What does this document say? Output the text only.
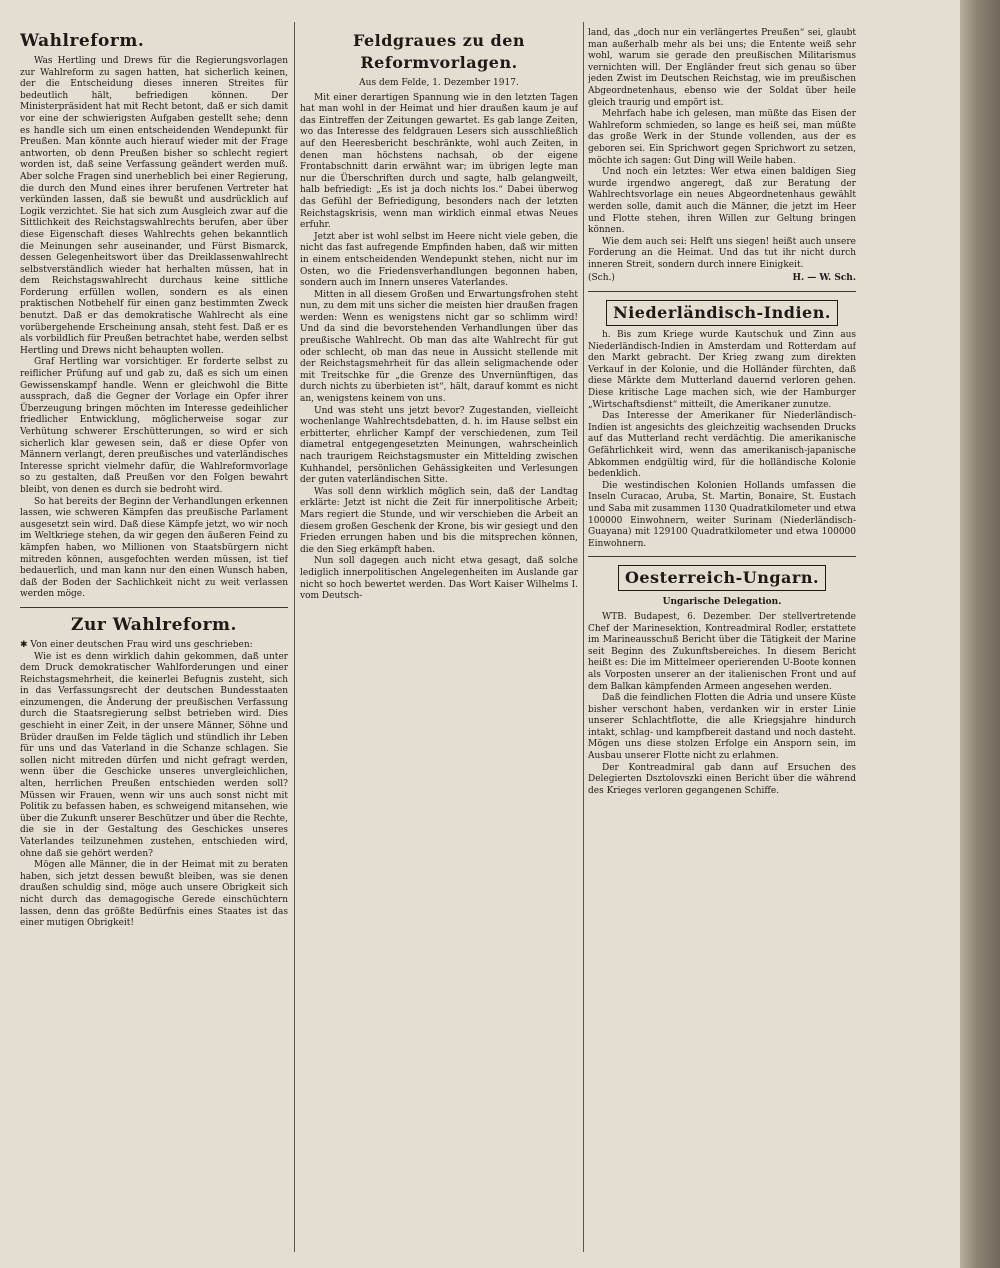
Wahlreform.

Was Hertling und Drews für die Regierungsvorlagen zur Wahlreform zu sagen hatten, hat sicherlich keinen, der die Entscheidung dieses inneren Streites für bedeutlich hält, befriedigen können. Der Ministerpräsident hat mit Recht betont, daß er sich damit vor eine der schwierigsten Aufgaben gestellt sehe; denn es handle sich um einen entscheidenden Wendepunkt für Preußen. Man könnte auch hierauf wieder mit der Frage antworten, ob denn Preußen bisher so schlecht regiert worden ist, daß seine Verfassung geändert werden muß. Aber solche Fragen sind unerheblich bei einer Regierung, die durch den Mund eines ihrer berufenen Vertreter hat verkünden lassen, daß sie bewußt und ausdrücklich auf Logik verzichtet. Sie hat sich zum Ausgleich zwar auf die Sittlichkeit des Reichstagswahlrechts berufen, aber über diese Eigenschaft dieses Wahlrechts gehen bekanntlich die Meinungen sehr auseinander, und Fürst Bismarck, dessen Gelegenheitswort über das Dreiklassenwahlrecht selbstverständlich wieder hat herhalten müssen, hat in dem Reichstagswahlrecht durchaus keine sittliche Forderung erfüllen wollen, sondern es als einen praktischen Notbehelf für einen ganz bestimmten Zweck benutzt. Daß er das demokratische Wahlrecht als eine vorübergehende Erscheinung ansah, steht fest. Daß er es als vorbildlich für Preußen betrachtet habe, werden selbst Hertling und Drews nicht behaupten wollen.

Graf Hertling war vorsichtiger. Er forderte selbst zu reiflicher Prüfung auf und gab zu, daß es sich um einen Gewissenskampf handle. Wenn er gleichwohl die Bitte aussprach, daß die Gegner der Vorlage ein Opfer ihrer Überzeugung bringen möchten im Interesse gedeihlicher friedlicher Entwicklung, möglicherweise sogar zur Verhütung schwerer Erschütterungen, so wird er sich sicherlich klar gewesen sein, daß er diese Opfer von Männern verlangt, deren preußisches und vaterländisches Interesse spricht vielmehr dafür, die Wahlreformvorlage so zu gestalten, daß Preußen vor den Folgen bewahrt bleibt, von denen es durch sie bedroht wird.

So hat bereits der Beginn der Verhandlungen erkennen lassen, wie schweren Kämpfen das preußische Parlament ausgesetzt sein wird. Daß diese Kämpfe jetzt, wo wir noch im Weltkriege stehen, da wir gegen den äußeren Feind zu kämpfen haben, wo Millionen von Staatsbürgern nicht mitreden können, ausgefochten werden müssen, ist tief bedauerlich, und man kann nur den einen Wunsch haben, daß der Boden der Sachlichkeit nicht zu weit verlassen werden möge.

Zur Wahlreform.

✱ Von einer deutschen Frau wird uns geschrieben:

Wie ist es denn wirklich dahin gekommen, daß unter dem Druck demokratischer Wahlforderungen und einer Reichstagsmehrheit, die keinerlei Befugnis zusteht, sich in das Verfassungsrecht der deutschen Bundesstaaten einzumengen, die Änderung der preußischen Verfassung durch die Staatsregierung selbst betrieben wird. Dies geschieht in einer Zeit, in der unsere Männer, Söhne und Brüder draußen im Felde täglich und stündlich ihr Leben für uns und das Vaterland in die Schanze schlagen. Sie sollen nicht mitreden dürfen und nicht gefragt werden, wenn über die Geschicke unseres unvergleichlichen, alten, herrlichen Preußen entschieden werden soll? Müssen wir Frauen, wenn wir uns auch sonst nicht mit Politik zu befassen haben, es schweigend mitansehen, wie über die Zukunft unserer Beschützer und über die Rechte, die sie in der Gestaltung des Geschickes unseres Vaterlandes teilzunehmen zustehen, entschieden wird, ohne daß sie gehört werden?

Mögen alle Männer, die in der Heimat mit zu beraten haben, sich jetzt dessen bewußt bleiben, was sie denen draußen schuldig sind, möge auch unsere Obrigkeit sich nicht durch das demagogische Gerede einschüchtern lassen, denn das größte Bedürfnis eines Staates ist das einer mutigen Obrigkeit!

Feldgraues zu den Reformvorlagen.
Aus dem Felde, 1. Dezember 1917.

Mit einer derartigen Spannung wie in den letzten Tagen hat man wohl in der Heimat und hier draußen kaum je auf das Eintreffen der Zeitungen gewartet. Es gab lange Zeiten, wo das Interesse des feldgrauen Lesers sich ausschließlich auf den Heeresbericht beschränkte, wohl auch Zeiten, in denen man höchstens nachsah, ob der eigene Frontabschnitt darin erwähnt war; im übrigen legte man nur die Überschriften durch und sagte, halb gelangweilt, halb befriedigt: „Es ist ja doch nichts los.“ Dabei überwog das Gefühl der Befriedigung, besonders nach der letzten Reichstagskrisis, wenn man wirklich einmal etwas Neues erfuhr.

Jetzt aber ist wohl selbst im Heere nicht viele geben, die nicht das fast aufregende Empfinden haben, daß wir mitten in einem entscheidenden Wendepunkt stehen, nicht nur im Osten, wo die Friedensverhandlungen begonnen haben, sondern auch im Innern unseres Vaterlandes.

Mitten in all diesem Großen und Erwartungsfrohen steht nun, zu dem mit uns sicher die meisten hier draußen fragen werden: Wenn es wenigstens nicht gar so schlimm wird! Und da sind die bevorstehenden Verhandlungen über das preußische Wahlrecht. Ob man das alte Wahlrecht für gut oder schlecht, ob man das neue in Aussicht stellende mit der Reichstagsmehrheit für das allein seligmachende oder mit Treitschke für „die Grenze des Unvernünftigen, das durch nichts zu überbieten ist“, hält, darauf kommt es nicht an, wenigstens keinem von uns.

Und was steht uns jetzt bevor? Zugestanden, vielleicht wochenlange Wahlrechtsdebatten, d. h. im Hause selbst ein erbitterter, ehrlicher Kampf der verschiedenen, zum Teil diametral entgegengesetzten Meinungen, wahrscheinlich nach traurigem Reichstagsmuster ein Mittelding zwischen Kuhhandel, persönlichen Gehässigkeiten und Verlesungen der guten vaterländischen Sitte.

Was soll denn wirklich möglich sein, daß der Landtag erklärte: Jetzt ist nicht die Zeit für innerpolitische Arbeit; Mars regiert die Stunde, und wir verschieben die Arbeit an diesem großen Geschenk der Krone, bis wir gesiegt und den Frieden errungen haben und bis die mitsprechen können, die den Sieg erkämpft haben.

Nun soll dagegen auch nicht etwa gesagt, daß solche lediglich innerpolitischen Angelegenheiten im Auslande gar nicht so hoch bewertet werden. Das Wort Kaiser Wilhelms I. vom Deutsch-

land, das „doch nur ein verlängertes Preußen“ sei, glaubt man außerhalb mehr als bei uns; die Entente weiß sehr wohl, warum sie gerade den preußischen Militarismus vernichten will. Der Engländer freut sich genau so über jeden Zwist im Deutschen Reichstag, wie im preußischen Abgeordnetenhaus, ebenso wie der Soldat über heile gleich traurig und empört ist.

Mehrfach habe ich gelesen, man müßte das Eisen der Wahlreform schmieden, so lange es heiß sei, man müßte das große Werk in der Stunde vollenden, aus der es geboren sei. Ein Sprichwort gegen Sprichwort zu setzen, möchte ich sagen: Gut Ding will Weile haben.

Und noch ein letztes: Wer etwa einen baldigen Sieg wurde irgendwo angeregt, daß zur Beratung der Wahlrechtsvorlage ein neues Abgeordnetenhaus gewählt werden solle, damit auch die Männer, die jetzt im Heer und Flotte stehen, ihren Willen zur Geltung bringen können.

Wie dem auch sei: Helft uns siegen! heißt auch unsere Forderung an die Heimat. Und das tut ihr nicht durch inneren Streit, sondern durch innere Einigkeit.

(Sch.)	H. — W. Sch.
Niederländisch-Indien.

h. Bis zum Kriege wurde Kautschuk und Zinn aus Niederländisch-Indien in Amsterdam und Rotterdam auf den Markt gebracht. Der Krieg zwang zum direkten Verkauf in der Kolonie, und die Holländer fürchten, daß diese Märkte dem Mutterland dauernd verloren gehen. Diese kritische Lage machen sich, wie der Hamburger „Wirtschaftsdienst“ mitteilt, die Amerikaner zunutze.

Das Interesse der Amerikaner für Niederländisch-Indien ist angesichts des gleichzeitig wachsenden Drucks auf das Mutterland recht verdächtig. Die amerikanische Gefährlichkeit wird, wenn das amerikanisch-japanische Abkommen endgültig wird, für die holländische Kolonie bedenklich.

Die westindischen Kolonien Hollands umfassen die Inseln Curacao, Aruba, St. Martin, Bonaire, St. Eustach und Saba mit zusammen 1130 Quadratkilometer und etwa 100000 Einwohnern, weiter Surinam (Niederländisch-Guayana) mit 129100 Quadratkilometer und etwa 100000 Einwohnern.

Oesterreich-Ungarn.
Ungarische Delegation.

WTB. Budapest, 6. Dezember. Der stellvertretende Chef der Marinesektion, Kontreadmiral Rodler, erstattete im Marineausschuß Bericht über die Tätigkeit der Marine seit Beginn des Zukunftsbereiches. In diesem Bericht heißt es: Die im Mittelmeer operierenden U-Boote konnen als Vorposten unserer an der italienischen Front und auf dem Balkan kämpfenden Armeen angesehen werden.

Daß die feindlichen Flotten die Adria und unsere Küste bisher verschont haben, verdanken wir in erster Linie unserer Schlachtflotte, die alle Kriegsjahre hindurch intakt, schlag- und kampfbereit dastand und noch dasteht. Mögen uns diese stolzen Erfolge ein Ansporn sein, im Ausbau unserer Flotte nicht zu erlahmen.

Der Kontreadmiral gab dann auf Ersuchen des Delegierten Dsztolovszki einen Bericht über die während des Krieges verloren gegangenen Schiffe.
